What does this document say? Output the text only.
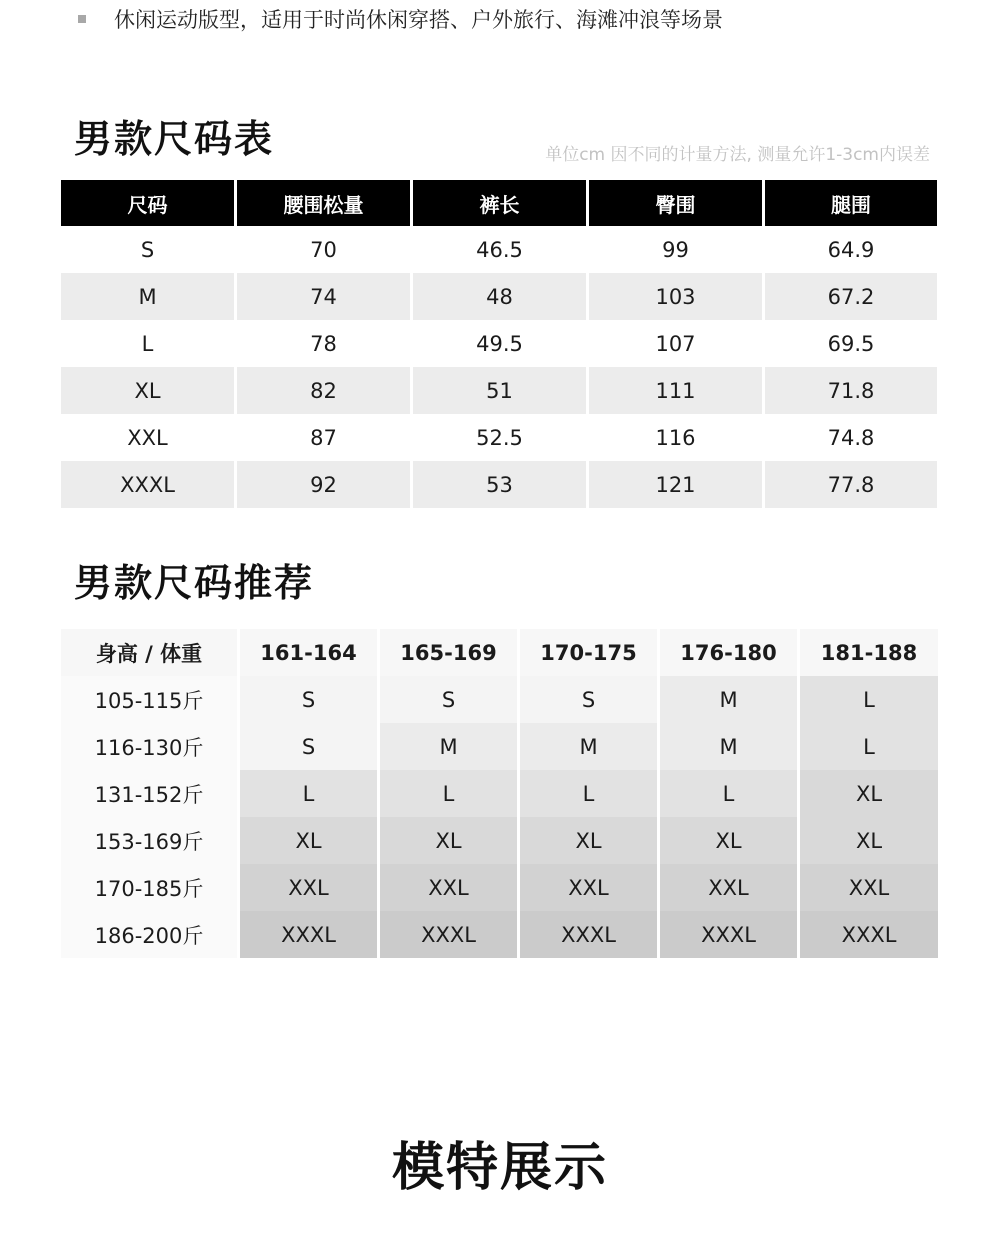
休闲运动版型，适用于时尚休闲穿搭、户外旅行、海滩冲浪等场景
男款尺码表	单位cm 因不同的计量方法, 测量允许1-3cm内误差
尺码	腰围松量	裤长	臀围	腿围
S	70	46.5	99	64.9
M	74	48	103	67.2
L	78	49.5	107	69.5
XL	82	51	111	71.8
XXL	87	52.5	116	74.8
XXXL	92	53	121	77.8
男款尺码推荐
身高 / 体重	161-164	165-169	170-175	176-180	181-188
105-115斤	S	S	S	M	L
116-130斤	S	M	M	M	L
131-152斤	L	L	L	L	XL
153-169斤	XL	XL	XL	XL	XL
170-185斤	XXL	XXL	XXL	XXL	XXL
186-200斤	XXXL	XXXL	XXXL	XXXL	XXXL
模特展示
